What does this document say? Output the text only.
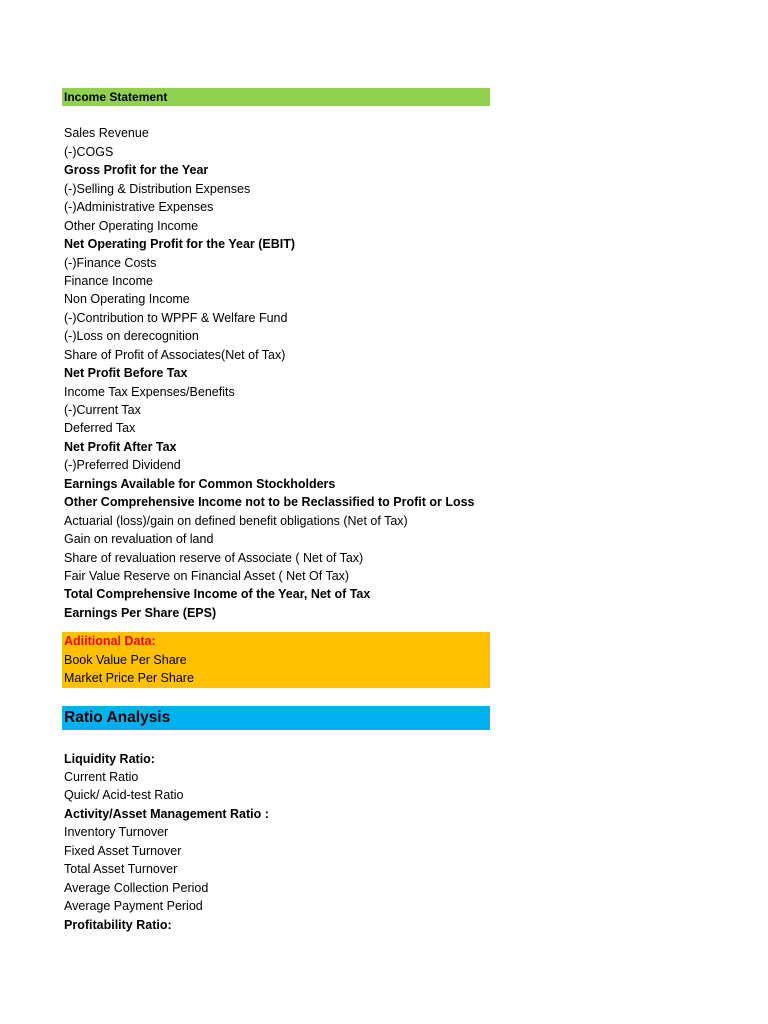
Income Statement
Sales Revenue
(-)COGS
Gross Profit for the Year
(-)Selling & Distribution Expenses
(-)Administrative Expenses
Other Operating Income
Net Operating Profit for the Year (EBIT)
(-)Finance Costs
Finance Income
Non Operating Income
(-)Contribution to WPPF & Welfare Fund
(-)Loss on derecognition
Share of Profit of Associates(Net of Tax)
Net Profit Before Tax
Income Tax Expenses/Benefits
(-)Current Tax
Deferred Tax
Net Profit After Tax
(-)Preferred Dividend
Earnings Available for Common Stockholders
Other Comprehensive Income not to be Reclassified to Profit or Loss
Actuarial (loss)/gain on defined benefit obligations (Net of Tax)
Gain on revaluation of land
Share of revaluation reserve of Associate ( Net of Tax)
Fair Value Reserve on Financial Asset ( Net Of Tax)
Total Comprehensive Income of the Year, Net of Tax
Earnings Per Share (EPS)
Adiitional Data:
Book Value Per Share
Market Price Per Share
Ratio Analysis
Liquidity Ratio:
Current Ratio
Quick/ Acid-test Ratio
Activity/Asset Management Ratio :
Inventory Turnover
Fixed Asset Turnover
Total Asset Turnover
Average Collection Period
Average Payment Period
Profitability Ratio:
